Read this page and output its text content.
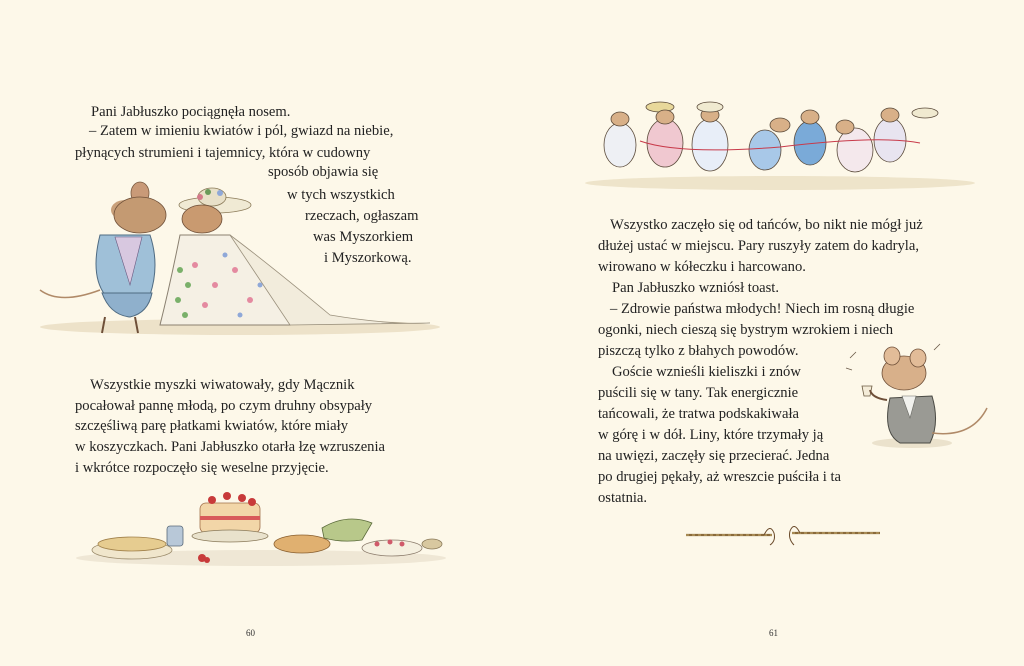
Pani Jabłuszko pociągnęła nosem.
– Zatem w imieniu kwiatów i pól, gwiazd na niebie,
płynących strumieni i tajemnicy, która w cudowny
sposób objawia się
w tych wszystkich
rzeczach, ogłaszam
was Myszorkiem
i Myszorkową.
Wszystkie myszki wiwatowały, gdy Mącznik
pocałował pannę młodą, po czym druhny obsypały
szczęśliwą parę płatkami kwiatów, które miały
w koszyczkach. Pani Jabłuszko otarła łzę wzruszenia
i wkrótce rozpoczęło się weselne przyjęcie.
60
Wszystko zaczęło się od tańców, bo nikt nie mógł już
dłużej ustać w miejscu. Pary ruszyły zatem do kadryla,
wirowano w kółeczku i harcowano.
Pan Jabłuszko wzniósł toast.
– Zdrowie państwa młodych! Niech im rosną długie
ogonki, niech cieszą się bystrym wzrokiem i niech
piszczą tylko z błahych powodów.
Goście wznieśli kieliszki i znów
puścili się w tany. Tak energicznie
tańcowali, że tratwa podskakiwała
w górę i w dół. Liny, które trzymały ją
na uwięzi, zaczęły się przecierać. Jedna
po drugiej pękały, aż wreszcie puściła i ta
ostatnia.
61
